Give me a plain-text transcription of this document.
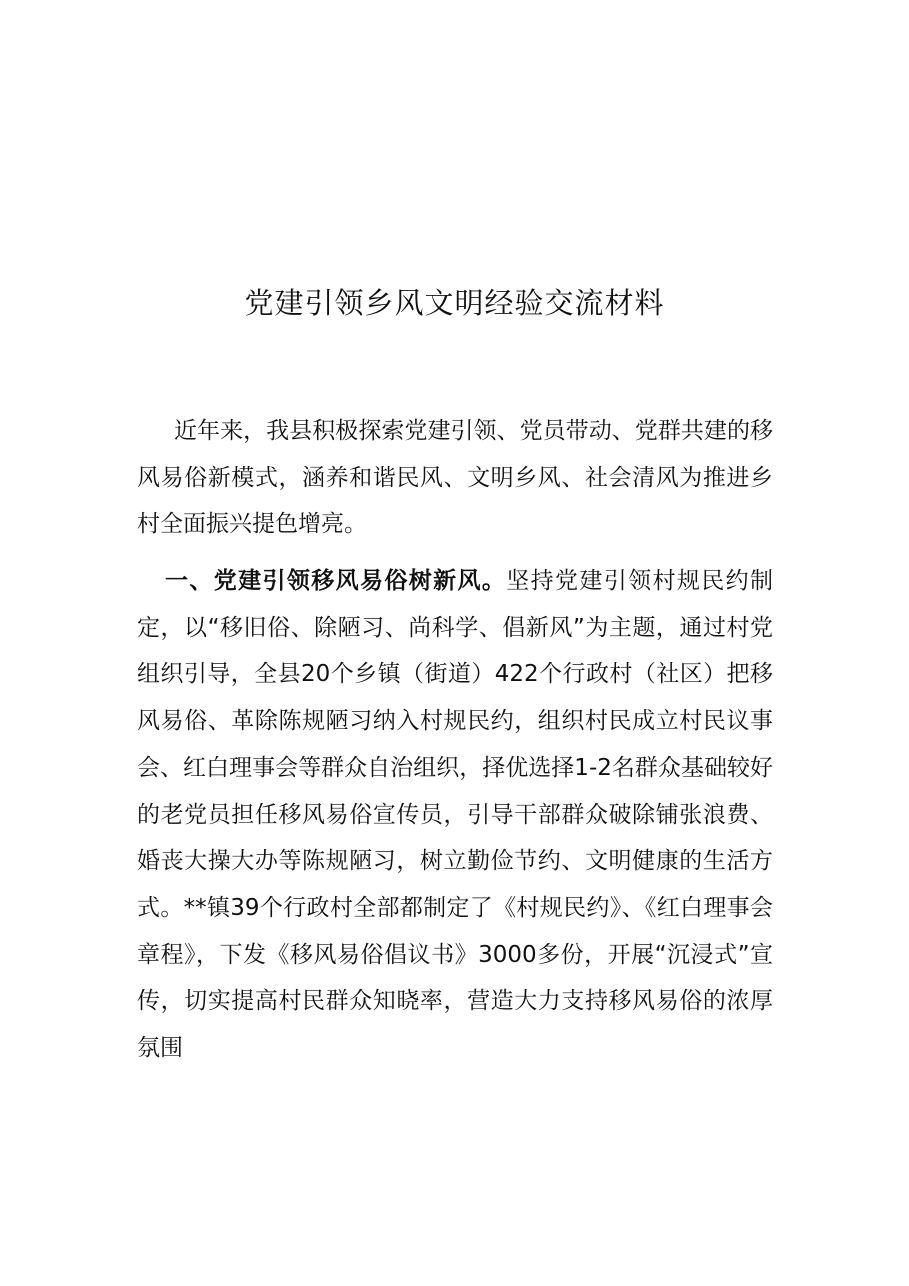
党建引领乡风文明经验交流材料

近年来，我县积极探索党建引领、党员带动、党群共建的移风易俗新模式，涵养和谐民风、文明乡风、社会清风为推进乡村全面振兴提色增亮。

一、党建引领移风易俗树新风。坚持党建引领村规民约制定，以“移旧俗、除陋习、尚科学、倡新风”为主题，通过村党组织引导，全县20个乡镇（街道）422个行政村（社区）把移风易俗、革除陈规陋习纳入村规民约，组织村民成立村民议事会、红白理事会等群众自治组织，择优选择1-2名群众基础较好的老党员担任移风易俗宣传员，引导干部群众破除铺张浪费、婚丧大操大办等陈规陋习，树立勤俭节约、文明健康的生活方式。**镇39个行政村全部都制定了《村规民约》、《红白理事会章程》，下发《移风易俗倡议书》3000多份，开展“沉浸式”宣传，切实提高村民群众知晓率，营造大力支持移风易俗的浓厚氛围
